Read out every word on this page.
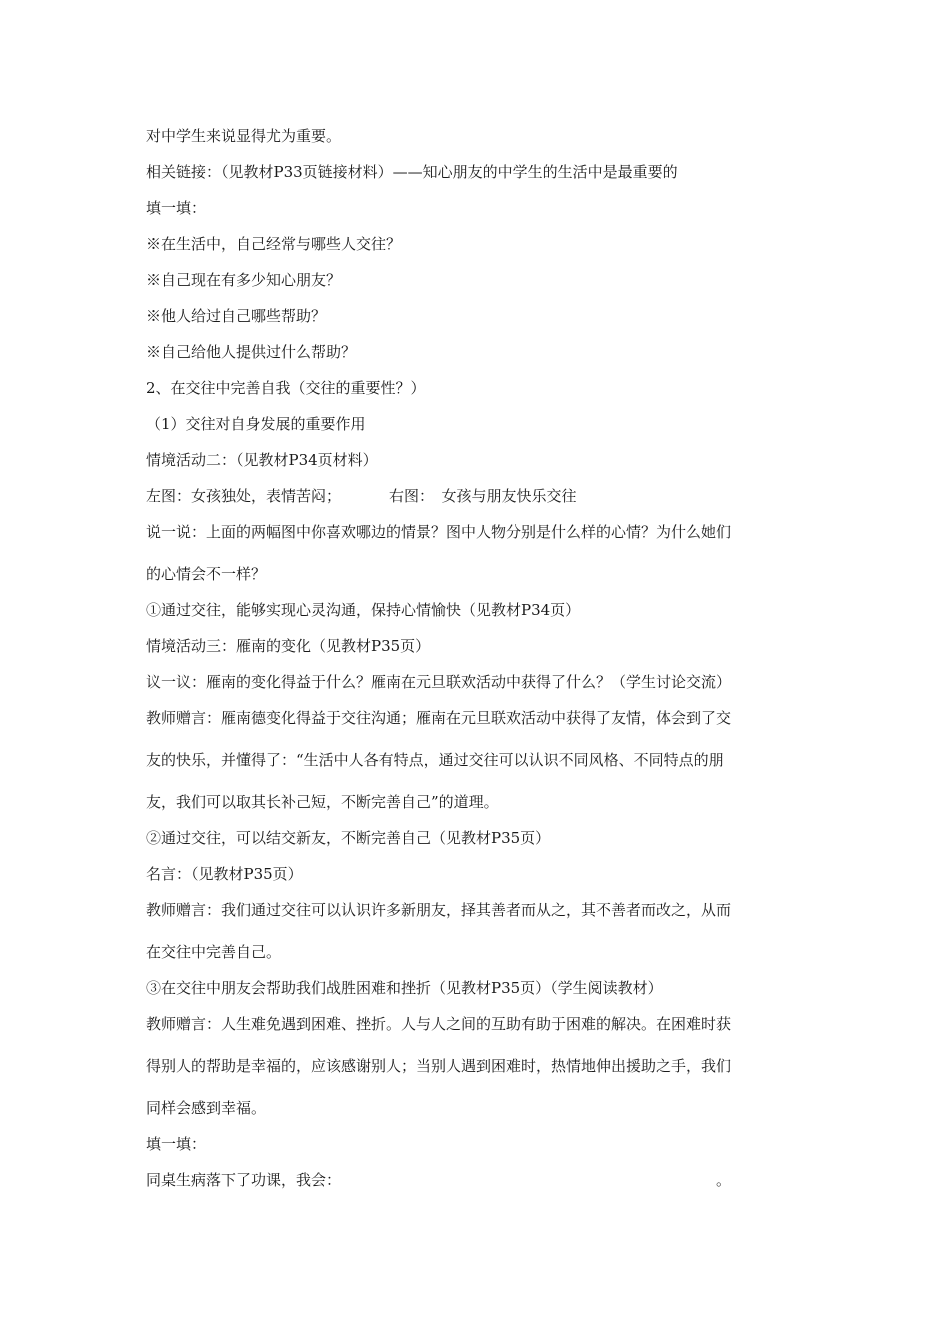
对中学生来说显得尤为重要。
相关链接：（见教材P33页链接材料）——知心朋友的中学生的生活中是最重要的
填一填：
※在生活中，自己经常与哪些人交往？
※自己现在有多少知心朋友？
※他人给过自己哪些帮助？
※自己给他人提供过什么帮助？
2、在交往中完善自我（交往的重要性？）
（1）交往对自身发展的重要作用
情境活动二：（见教材P34页材料）
左图：女孩独处，表情苦闷；	右图：　女孩与朋友快乐交往
说一说：上面的两幅图中你喜欢哪边的情景？图中人物分别是什么样的心情？为什么她们
的心情会不一样？
①通过交往，能够实现心灵沟通，保持心情愉快（见教材P34页）
情境活动三：雁南的变化（见教材P35页）
议一议：雁南的变化得益于什么？雁南在元旦联欢活动中获得了什么？（学生讨论交流）
教师赠言：雁南德变化得益于交往沟通；雁南在元旦联欢活动中获得了友情，体会到了交
友的快乐，并懂得了：“生活中人各有特点，通过交往可以认识不同风格、不同特点的朋
友，我们可以取其长补己短，不断完善自己”的道理。
②通过交往，可以结交新友，不断完善自己（见教材P35页）
名言：（见教材P35页）
教师赠言：我们通过交往可以认识许多新朋友，择其善者而从之，其不善者而改之，从而
在交往中完善自己。
③在交往中朋友会帮助我们战胜困难和挫折（见教材P35页）（学生阅读教材）
教师赠言：人生难免遇到困难、挫折。人与人之间的互助有助于困难的解决。在困难时获
得别人的帮助是幸福的，应该感谢别人；当别人遇到困难时，热情地伸出援助之手，我们
同样会感到幸福。
填一填：
同桌生病落下了功课，我会：	。
